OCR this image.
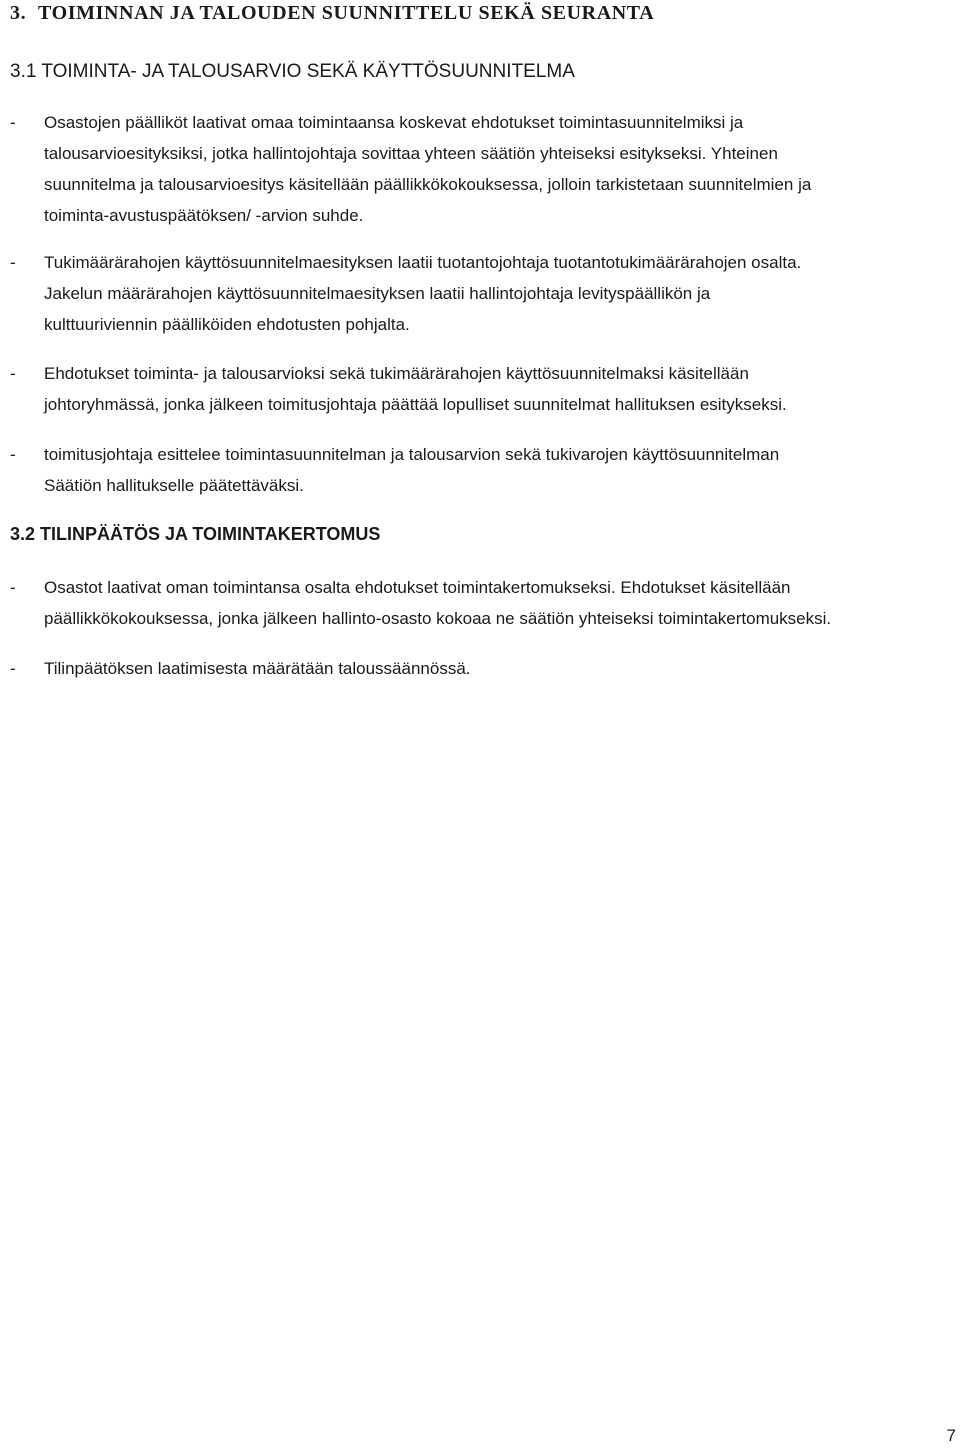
3. TOIMINNAN JA TALOUDEN SUUNNITTELU SEKÄ SEURANTA
3.1 TOIMINTA- JA TALOUSARVIO SEKÄ KÄYTTÖSUUNNITELMA
- Osastojen päälliköt laativat omaa toimintaansa koskevat ehdotukset toimintasuunnitelmiksi ja
talousarvioesityksiksi, jotka hallintojohtaja sovittaa yhteen säätiön yhteiseksi esitykseksi. Yhteinen
suunnitelma ja talousarvioesitys käsitellään päällikkökokouksessa, jolloin tarkistetaan suunnitelmien ja
toiminta-avustuspäätöksen/ -arvion suhde.
- Tukimäärärahojen käyttösuunnitelmaesityksen laatii tuotantojohtaja tuotantotukimäärärahojen osalta.
Jakelun määrärahojen käyttösuunnitelmaesityksen laatii hallintojohtaja levityspäällikön ja
kulttuuriviennin päälliköiden ehdotusten pohjalta.
- Ehdotukset toiminta- ja talousarvioksi sekä tukimäärärahojen käyttösuunnitelmaksi käsitellään
johtoryhmässä, jonka jälkeen toimitusjohtaja päättää lopulliset suunnitelmat hallituksen esitykseksi.
- toimitusjohtaja esittelee toimintasuunnitelman ja talousarvion sekä tukivarojen käyttösuunnitelman
Säätiön hallitukselle päätettäväksi.
3.2 TILINPÄÄTÖS JA TOIMINTAKERTOMUS
- Osastot laativat oman toimintansa osalta ehdotukset toimintakertomukseksi. Ehdotukset käsitellään
päällikkökokouksessa, jonka jälkeen hallinto-osasto kokoaa ne säätiön yhteiseksi toimintakertomukseksi.
- Tilinpäätöksen laatimisesta määrätään taloussäännössä.
7
